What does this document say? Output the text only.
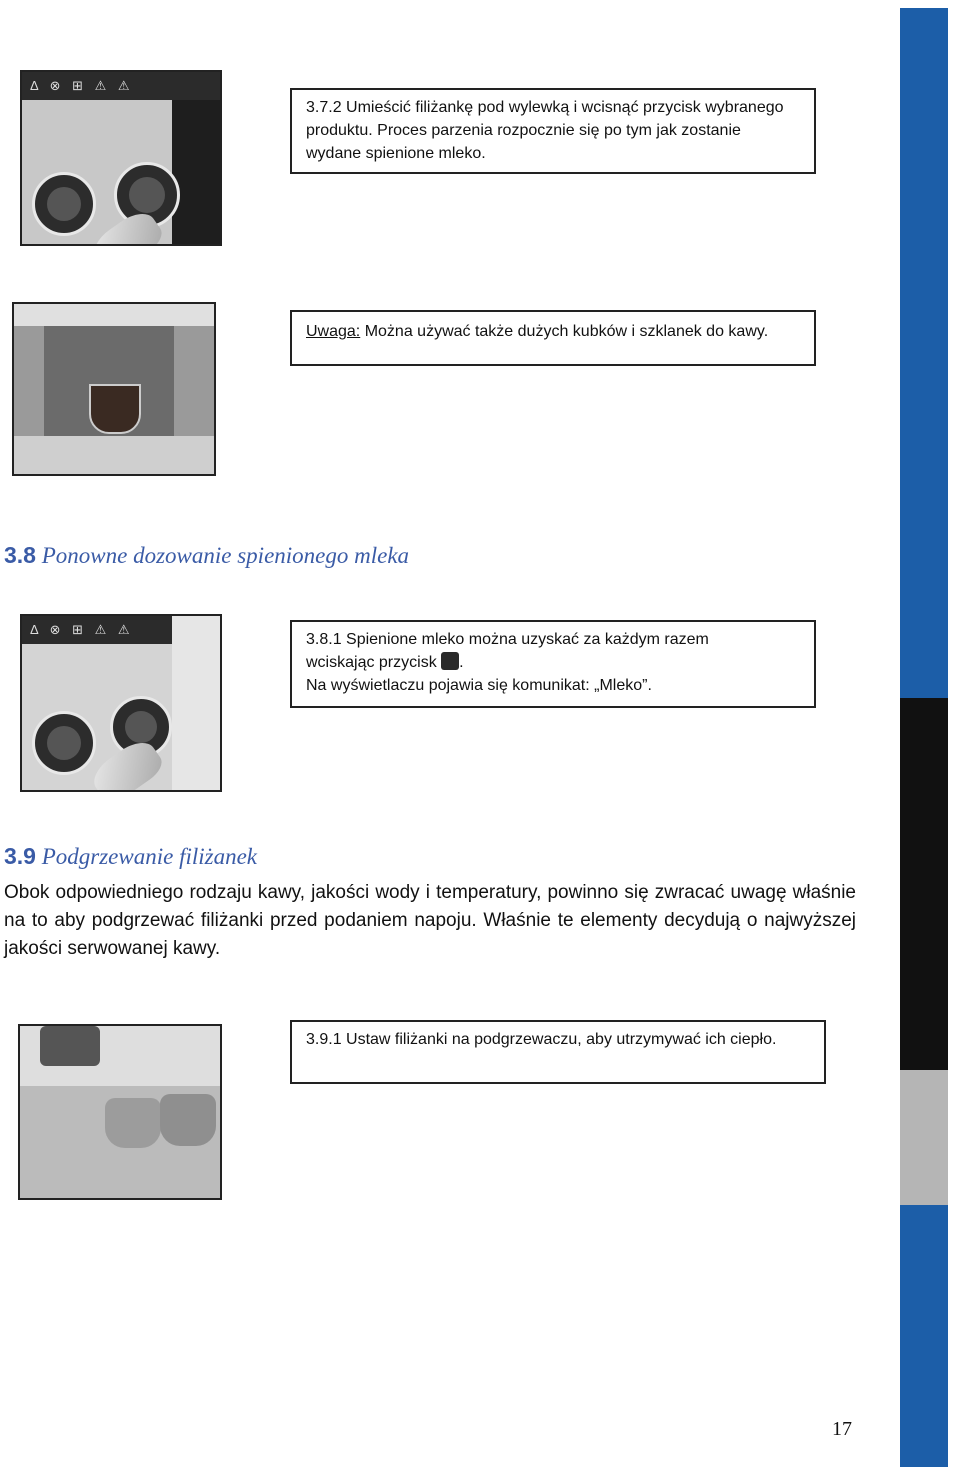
Δ ⊗ ⊞ ⚠ ⚠
3.7.2 Umieścić filiżankę pod wylewką i wcisnąć przycisk wybranego produktu. Proces parzenia rozpocznie się po tym jak zostanie wydane spienione mleko.
Uwaga: Można używać także dużych kubków i szklanek do kawy.
3.8 Ponowne dozowanie spienionego mleka
Δ ⊗ ⊞ ⚠ ⚠
3.8.1 Spienione mleko można uzyskać za każdym razem
wciskając przycisk .
Na wyświetlaczu pojawia się komunikat: „Mleko”.
3.9 Podgrzewanie filiżanek
Obok odpowiedniego rodzaju kawy, jakości wody i temperatury, powinno się zwracać uwagę właśnie na to aby podgrzewać filiżanki przed podaniem napoju. Właśnie te elementy decydują o najwyższej jakości serwowanej kawy.
3.9.1 Ustaw filiżanki na podgrzewaczu, aby utrzymywać ich ciepło.
17
